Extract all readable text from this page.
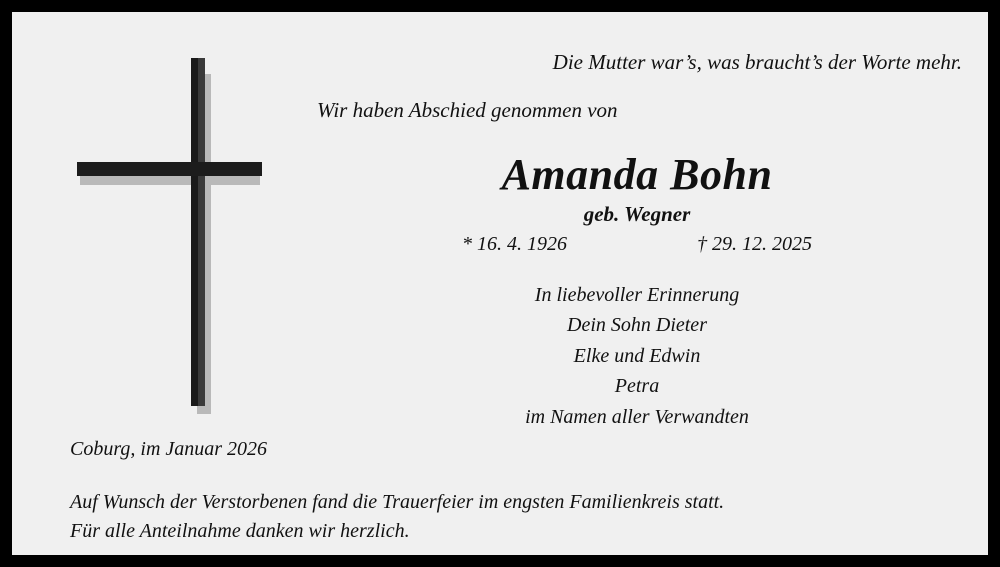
Die Mutter war’s, was braucht’s der Worte mehr.
Wir haben Abschied genommen von
Amanda Bohn
geb. Wegner
* 16. 4. 1926	† 29. 12. 2025
In liebevoller Erinnerung
Dein Sohn Dieter
Elke und Edwin
Petra
im Namen aller Verwandten
Coburg, im Januar 2026
Auf Wunsch der Verstorbenen fand die Trauerfeier im engsten Familienkreis statt.
Für alle Anteilnahme danken wir herzlich.
